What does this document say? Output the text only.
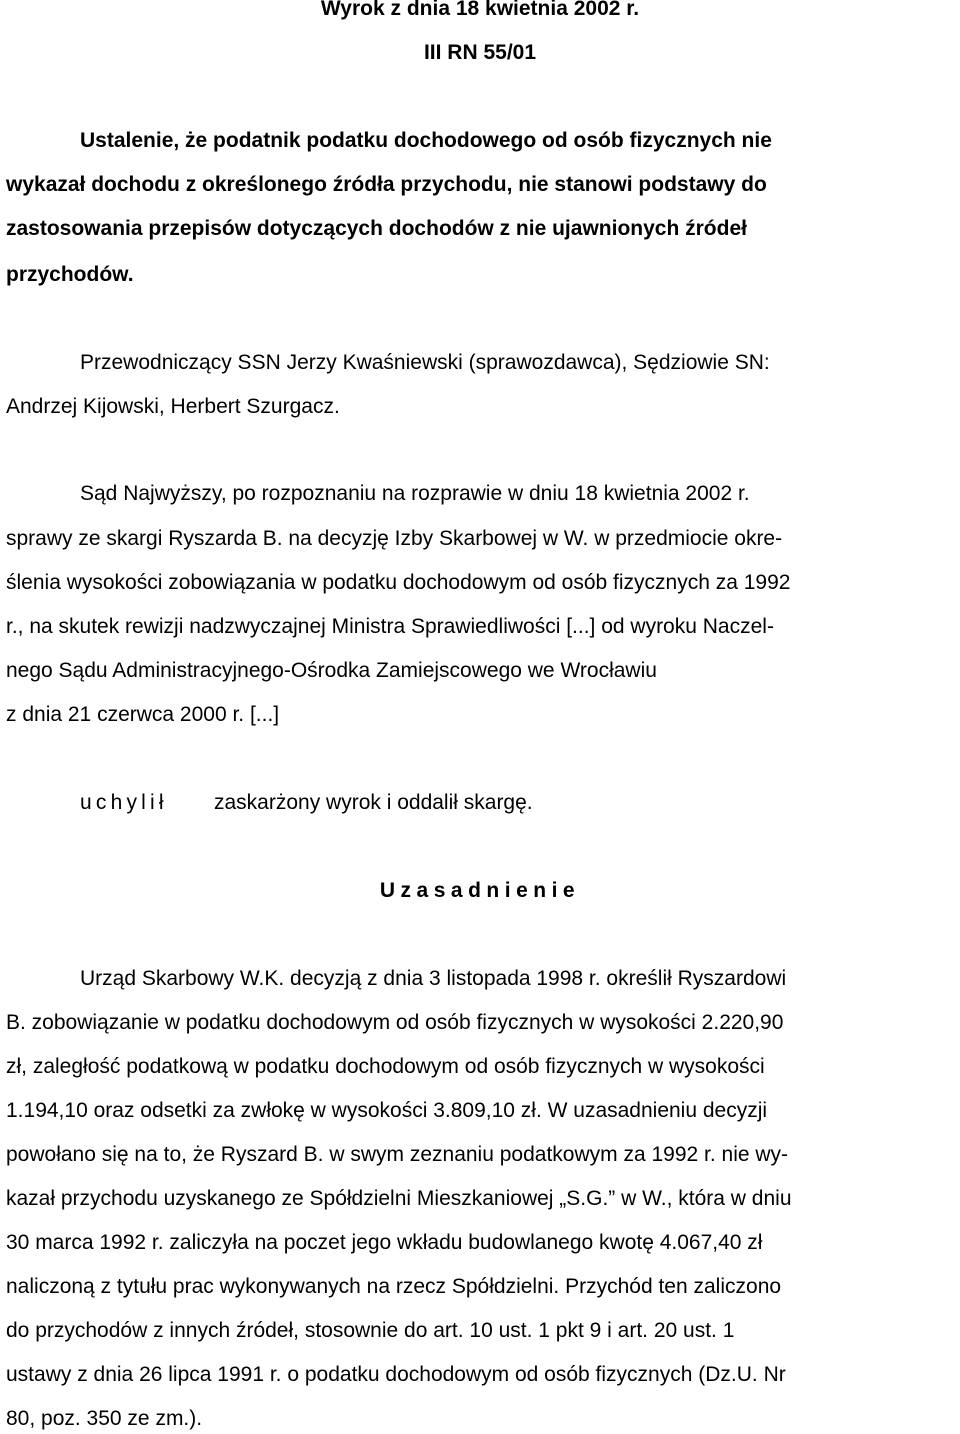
Wyrok z dnia 18 kwietnia 2002 r.
III RN 55/01
Ustalenie, że podatnik podatku dochodowego od osób fizycznych nie
wykazał dochodu z określonego źródła przychodu, nie stanowi podstawy do
zastosowania przepisów dotyczących dochodów z nie ujawnionych źródeł
przychodów.
Przewodniczący SSN Jerzy Kwaśniewski (sprawozdawca), Sędziowie SN:
Andrzej Kijowski, Herbert Szurgacz.
Sąd Najwyższy, po rozpoznaniu na rozprawie w dniu 18 kwietnia 2002 r.
sprawy ze skargi Ryszarda B. na decyzję Izby Skarbowej w W. w przedmiocie okre-
ślenia wysokości zobowiązania w podatku dochodowym od osób fizycznych za 1992
r., na skutek rewizji nadzwyczajnej Ministra Sprawiedliwości [...] od wyroku Naczel-
nego Sądu Administracyjnego-Ośrodka Zamiejscowego we Wrocławiu
z dnia 21 czerwca 2000 r. [...]
uchylił zaskarżony wyrok i oddalił skargę.
Uzasadnienie
Urząd Skarbowy W.K. decyzją z dnia 3 listopada 1998 r. określił Ryszardowi
B. zobowiązanie w podatku dochodowym od osób fizycznych w wysokości 2.220,90
zł, zaległość podatkową w podatku dochodowym od osób fizycznych w wysokości
1.194,10 oraz odsetki za zwłokę w wysokości 3.809,10 zł. W uzasadnieniu decyzji
powołano się na to, że Ryszard B. w swym zeznaniu podatkowym za 1992 r. nie wy-
kazał przychodu uzyskanego ze Spółdzielni Mieszkaniowej „S.G.” w W., która w dniu
30 marca 1992 r. zaliczyła na poczet jego wkładu budowlanego kwotę 4.067,40 zł
naliczoną z tytułu prac wykonywanych na rzecz Spółdzielni. Przychód ten zaliczono
do przychodów z innych źródeł, stosownie do art. 10 ust. 1 pkt 9 i art. 20 ust. 1
ustawy z dnia 26 lipca 1991 r. o podatku dochodowym od osób fizycznych (Dz.U. Nr
80, poz. 350 ze zm.).
